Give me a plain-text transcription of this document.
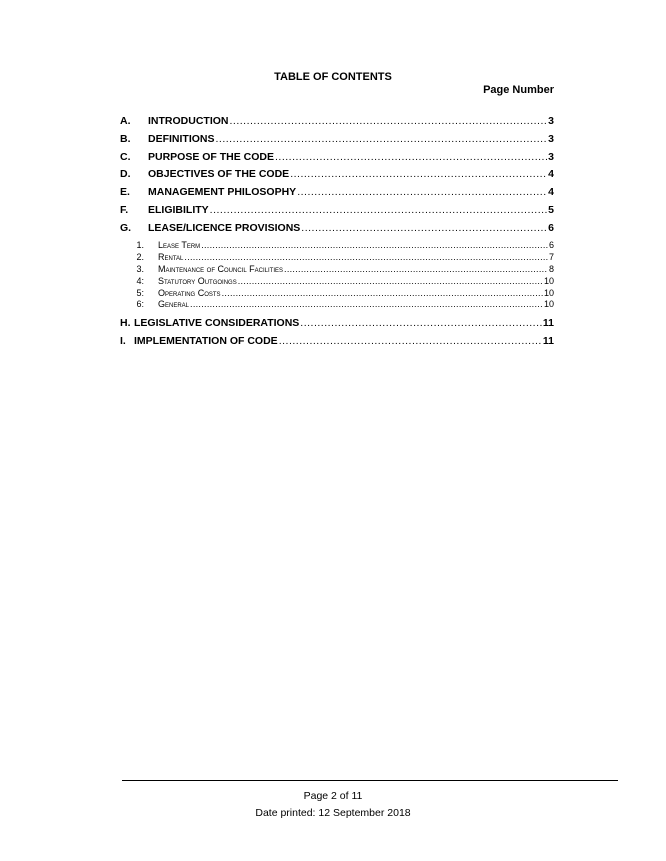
TABLE OF CONTENTS
Page Number
A. INTRODUCTION .....	3
B. DEFINITIONS .....	3
C. PURPOSE OF THE CODE .....	3
D. OBJECTIVES OF THE CODE .....	4
E. MANAGEMENT PHILOSOPHY .....	4
F. ELIGIBILITY .....	5
G. LEASE/LICENCE PROVISIONS .....	6
1. Lease Term .....	6
2. Rental .....	7
3. Maintenance of Council Facilities .....	8
4: Statutory Outgoings .....	10
5: Operating Costs .....	10
6: General .....	10
H. LEGISLATIVE CONSIDERATIONS .....	11
I. IMPLEMENTATION OF CODE .....	11
Page 2 of 11
Date printed: 12 September 2018
